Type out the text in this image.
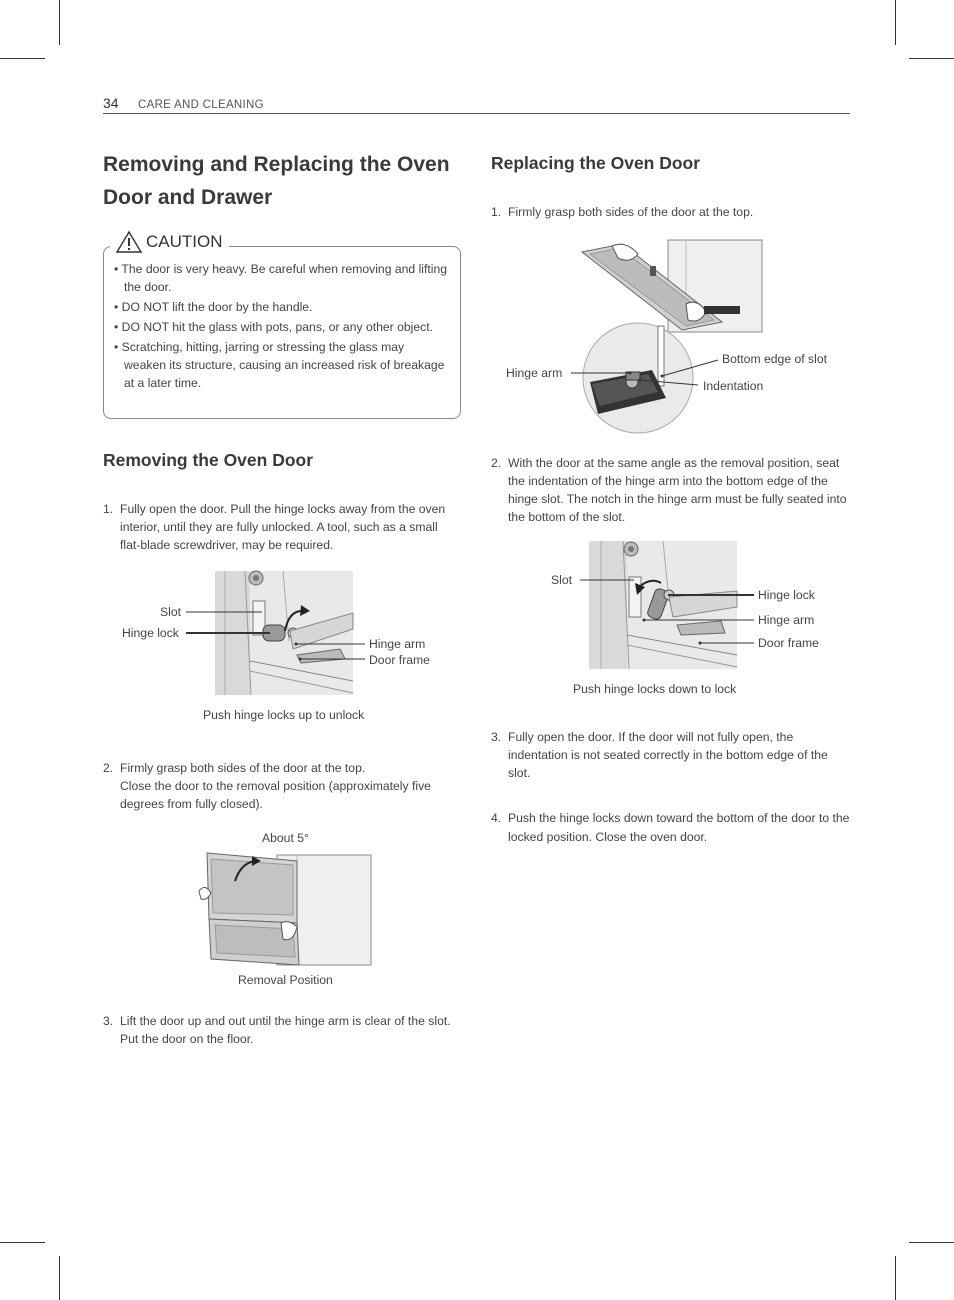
34 CARE AND CLEANING
Removing and Replacing the Oven Door and Drawer
CAUTION
• The door is very heavy. Be careful when removing and lifting the door.
• DO NOT lift the door by the handle.
• DO NOT hit the glass with pots, pans, or any other object.
• Scratching, hitting, jarring or stressing the glass may weaken its structure, causing an increased risk of breakage at a later time.
Removing the Oven Door
1. Fully open the door. Pull the hinge locks away from the oven interior, until they are fully unlocked. A tool, such as a small flat-blade screwdriver, may be required.
Slot
Hinge lock
Hinge arm
Door frame
Push hinge locks up to unlock
2. Firmly grasp both sides of the door at the top.
Close the door to the removal position (approximately five degrees from fully closed).
About 5°
Removal Position
3. Lift the door up and out until the hinge arm is clear of the slot. Put the door on the floor.
Replacing the Oven Door
1. Firmly grasp both sides of the door at the top.
Hinge arm
Bottom edge of slot
Indentation
2. With the door at the same angle as the removal position, seat the indentation of the hinge arm into the bottom edge of the hinge slot. The notch in the hinge arm must be fully seated into the bottom of the slot.
Slot
Hinge lock
Hinge arm
Door frame
Push hinge locks down to lock
3. Fully open the door. If the door will not fully open, the indentation is not seated correctly in the bottom edge of the slot.
4. Push the hinge locks down toward the bottom of the door to the locked position. Close the oven door.
